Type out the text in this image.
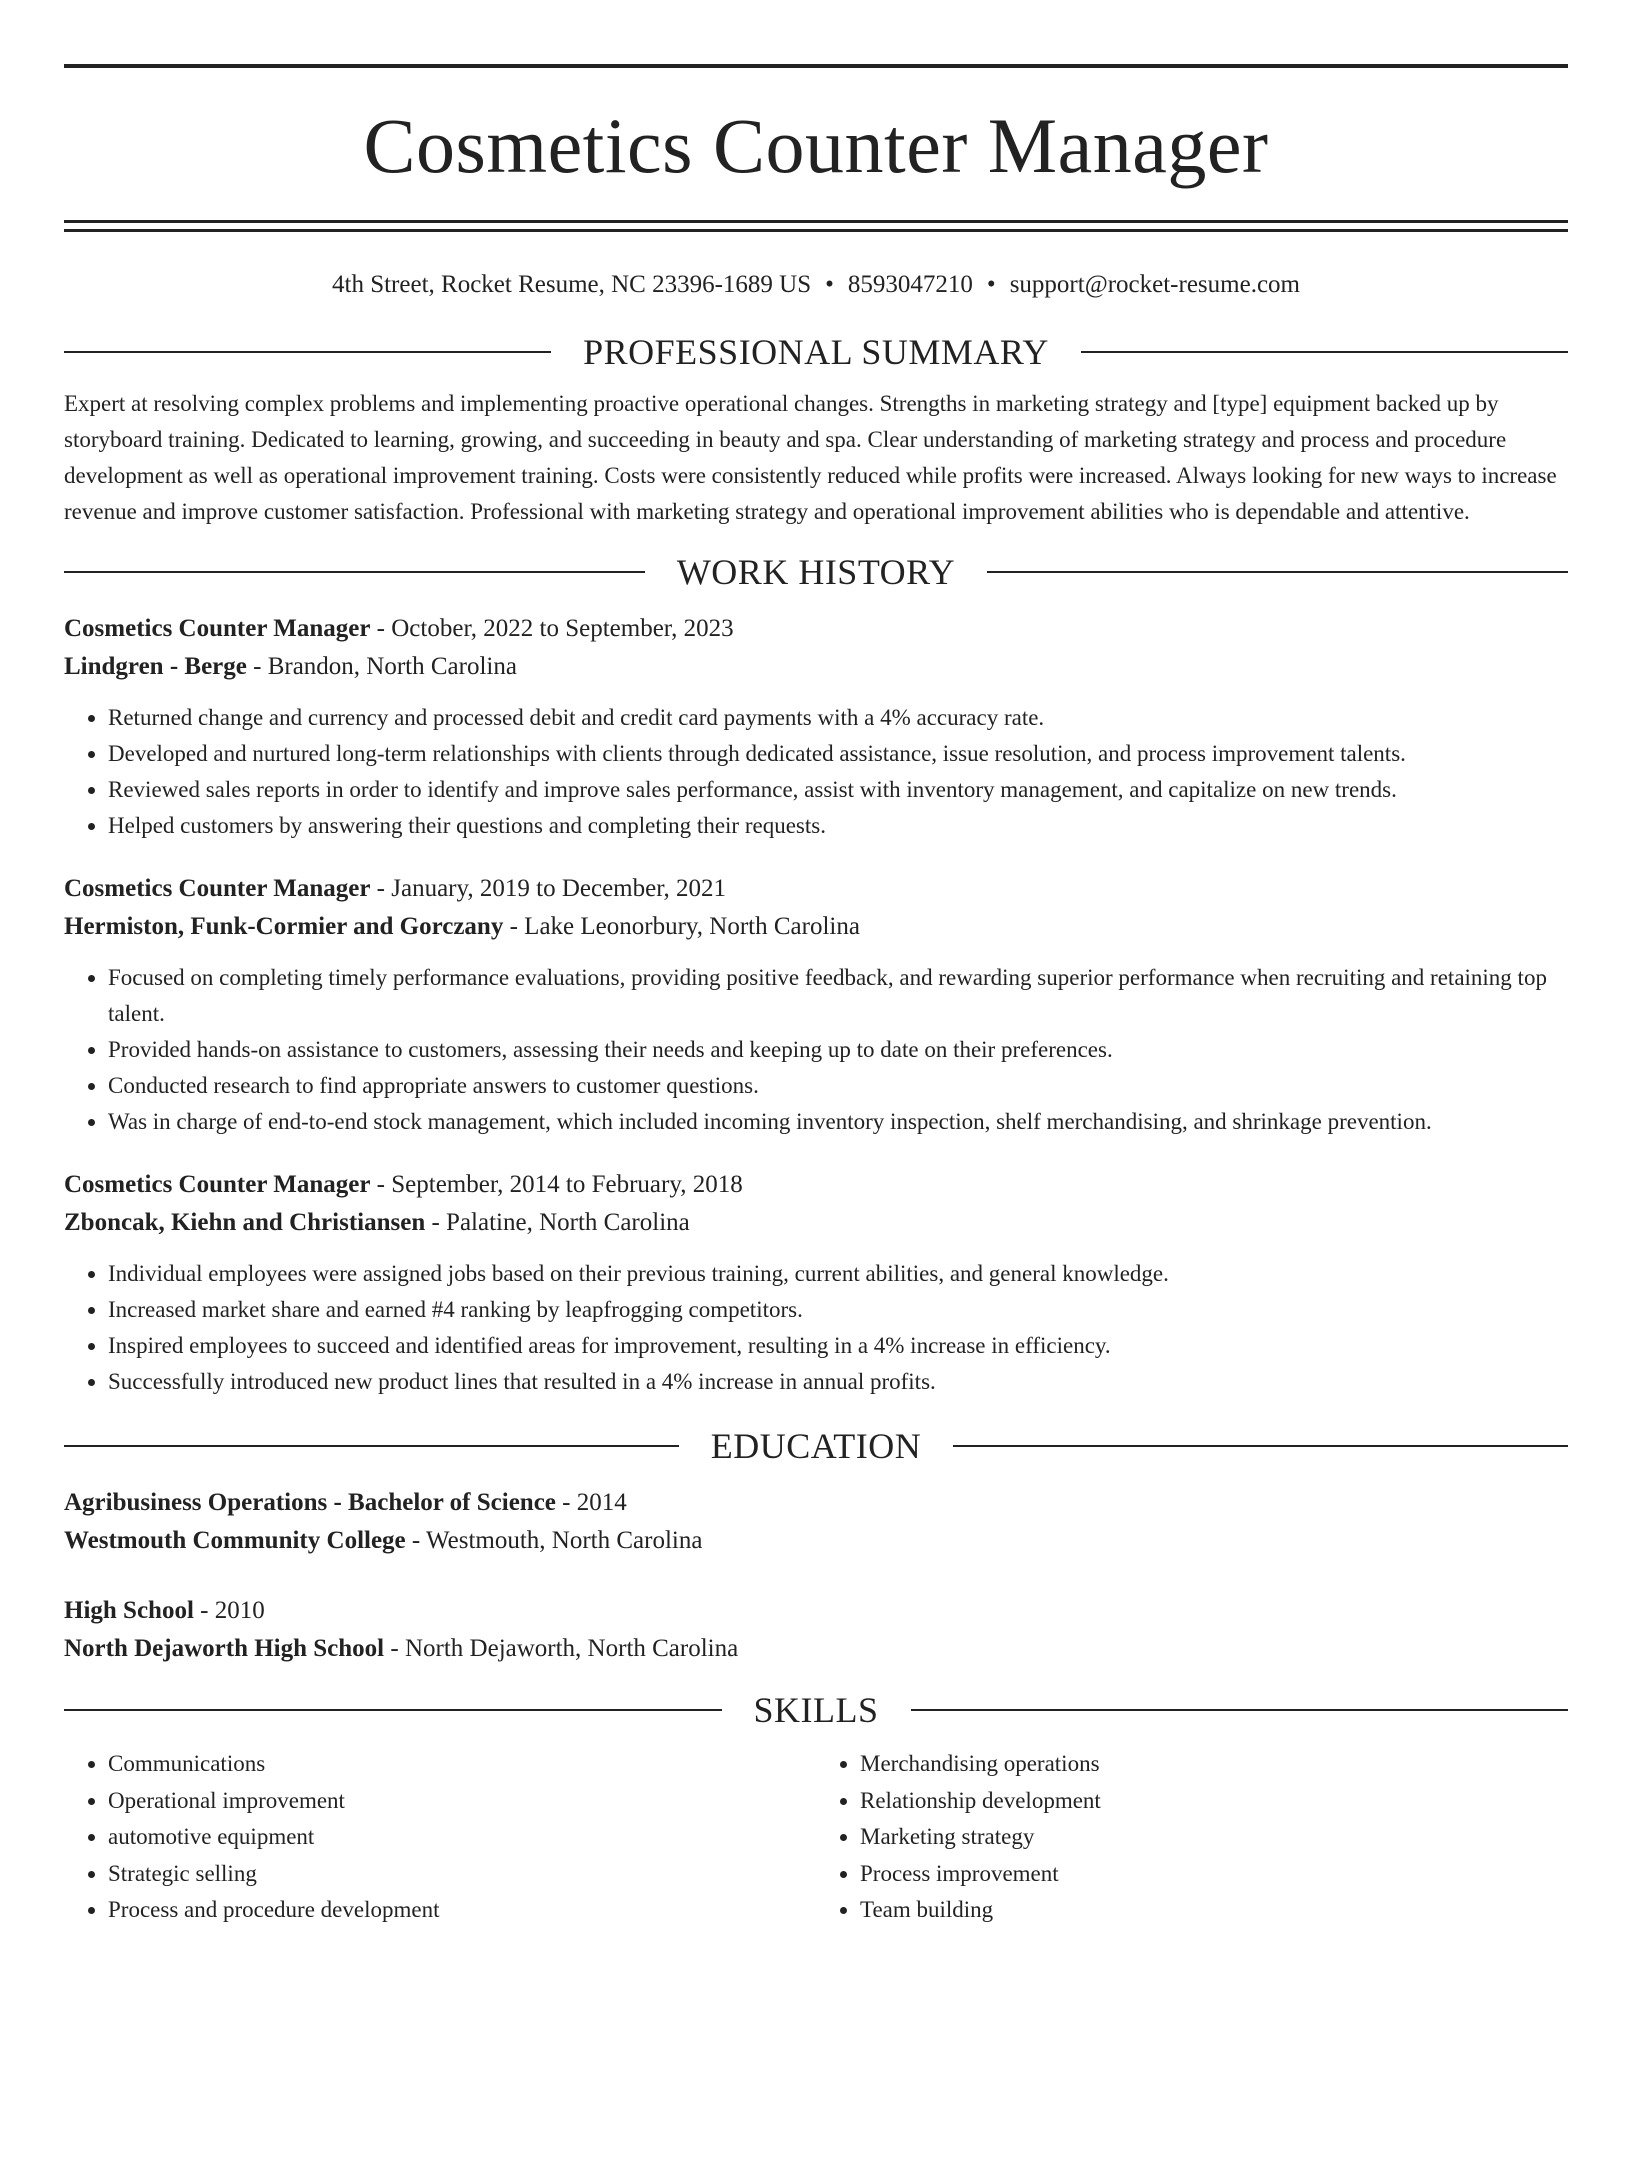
Cosmetics Counter Manager
4th Street, Rocket Resume, NC 23396-1689 US • 8593047210 • support@rocket-resume.com
PROFESSIONAL SUMMARY

Expert at resolving complex problems and implementing proactive operational changes. Strengths in marketing strategy and [type] equipment backed up by storyboard training. Dedicated to learning, growing, and succeeding in beauty and spa. Clear understanding of marketing strategy and process and procedure development as well as operational improvement training. Costs were consistently reduced while profits were increased. Always looking for new ways to increase revenue and improve customer satisfaction. Professional with marketing strategy and operational improvement abilities who is dependable and attentive.

WORK HISTORY
Cosmetics Counter Manager - October, 2022 to September, 2023
Lindgren - Berge - Brandon, North Carolina
• Returned change and currency and processed debit and credit card payments with a 4% accuracy rate.
• Developed and nurtured long-term relationships with clients through dedicated assistance, issue resolution, and process improvement talents.
• Reviewed sales reports in order to identify and improve sales performance, assist with inventory management, and capitalize on new trends.
• Helped customers by answering their questions and completing their requests.
Cosmetics Counter Manager - January, 2019 to December, 2021
Hermiston, Funk-Cormier and Gorczany - Lake Leonorbury, North Carolina
• Focused on completing timely performance evaluations, providing positive feedback, and rewarding superior performance when recruiting and retaining top talent.
• Provided hands-on assistance to customers, assessing their needs and keeping up to date on their preferences.
• Conducted research to find appropriate answers to customer questions.
• Was in charge of end-to-end stock management, which included incoming inventory inspection, shelf merchandising, and shrinkage prevention.
Cosmetics Counter Manager - September, 2014 to February, 2018
Zboncak, Kiehn and Christiansen - Palatine, North Carolina
• Individual employees were assigned jobs based on their previous training, current abilities, and general knowledge.
• Increased market share and earned #4 ranking by leapfrogging competitors.
• Inspired employees to succeed and identified areas for improvement, resulting in a 4% increase in efficiency.
• Successfully introduced new product lines that resulted in a 4% increase in annual profits.
EDUCATION
Agribusiness Operations - Bachelor of Science - 2014
Westmouth Community College - Westmouth, North Carolina
High School - 2010
North Dejaworth High School - North Dejaworth, North Carolina
SKILLS
• Communications
• Operational improvement
• automotive equipment
• Strategic selling
• Process and procedure development
• Merchandising operations
• Relationship development
• Marketing strategy
• Process improvement
• Team building
